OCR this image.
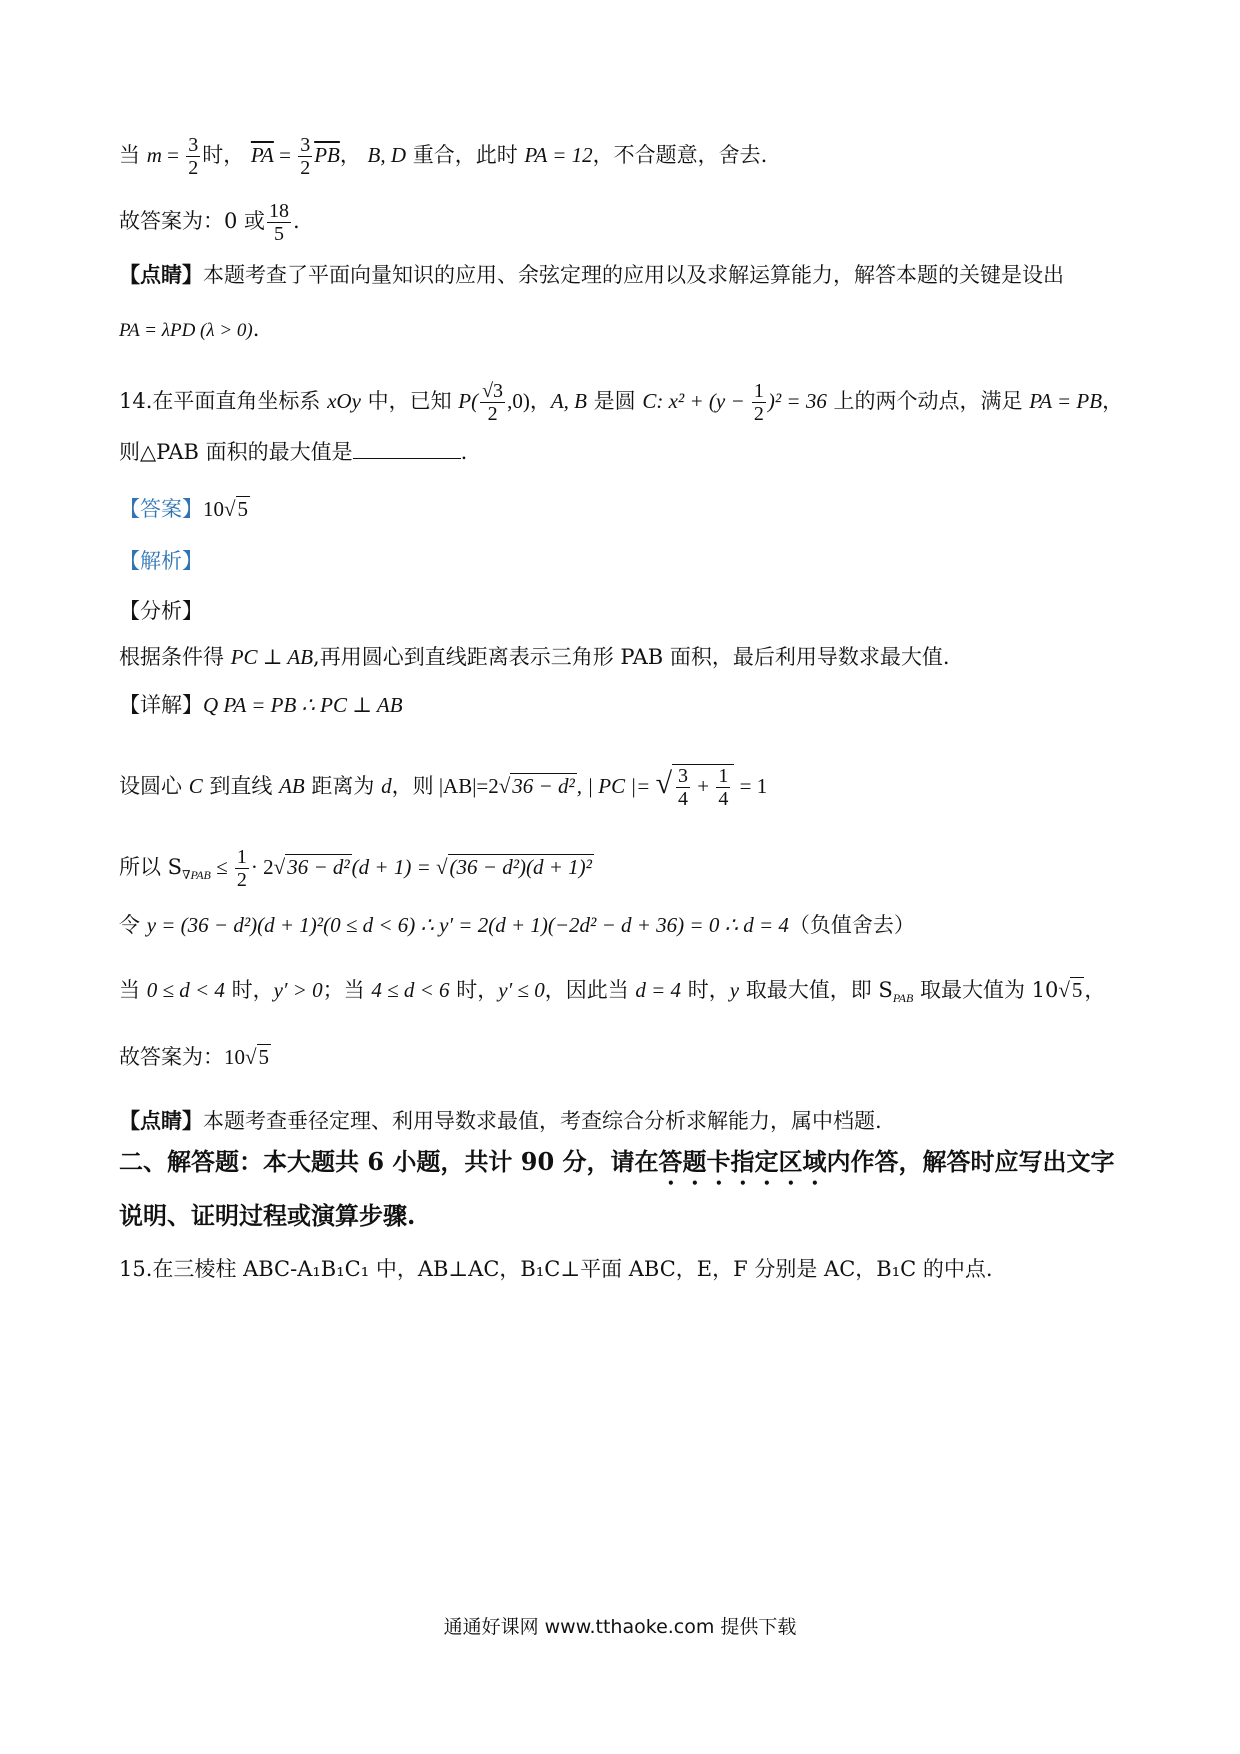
当 $m = \frac{3}{2}$ 时， $\overline{PA} = \frac{3}{2} \overline{PB}$， B, D 重合，此时 PA = 12，不合题意，舍去.
故答案为：0 或 $\frac{18}{5}$ .
【点睛】本题考查了平面向量知识的应用、余弦定理的应用以及求解运算能力，解答本题的关键是设出
PA = λPD (λ > 0).
14.在平面直角坐标系 xOy 中，已知 $P( \frac{√3}{2} ,0)$，A, B 是圆 C: $x^2 + (y - \frac{1}{2} )^2 = 36$ 上的两个动点，满足 PA = PB，
则△PAB 面积的最大值是	.
【答案】10√5
【解析】
【分析】
根据条件得 PC ⊥ AB,再用圆心到直线距离表示三角形 PAB 面积，最后利用导数求最大值.
【详解】Q PA = PB ∴ PC ⊥ AB
设圆心 C 到直线 AB 距离为 d，则 |AB|=2√36 − d², | PC |= √ $\frac{3}{4} + \frac{1}{4} = 1$
所以 $S_{\nabla PAB} \le \frac{1}{2} \cdot 2√36 - d^2(d + 1) = √(36 - d^2)(d + 1)^2$
令 y = (36 − d²)(d + 1)²(0 ≤ d < 6) ∴ y′ = 2(d + 1)(−2d² − d + 36) = 0 ∴ d = 4（负值舍去）
当 0 ≤ d < 4 时，y′ > 0；当 4 ≤ d < 6 时，y′ ≤ 0，因此当 d = 4 时，y 取最大值，即 $S_{PAB}$ 取最大值为 10√5，
故答案为：10√5
【点睛】本题考查垂径定理、利用导数求最值，考查综合分析求解能力，属中档题.
二、解答题：本大题共 6 小题，共计 90 分，请在答题卡指定区域内作答，解答时应写出文字
说明、证明过程或演算步骤.
15.在三棱柱 ABC-A₁B₁C₁ 中，AB⊥AC，B₁C⊥平面 ABC，E，F 分别是 AC，B₁C 的中点.
通通好课网 www.tthaoke.com 提供下载
